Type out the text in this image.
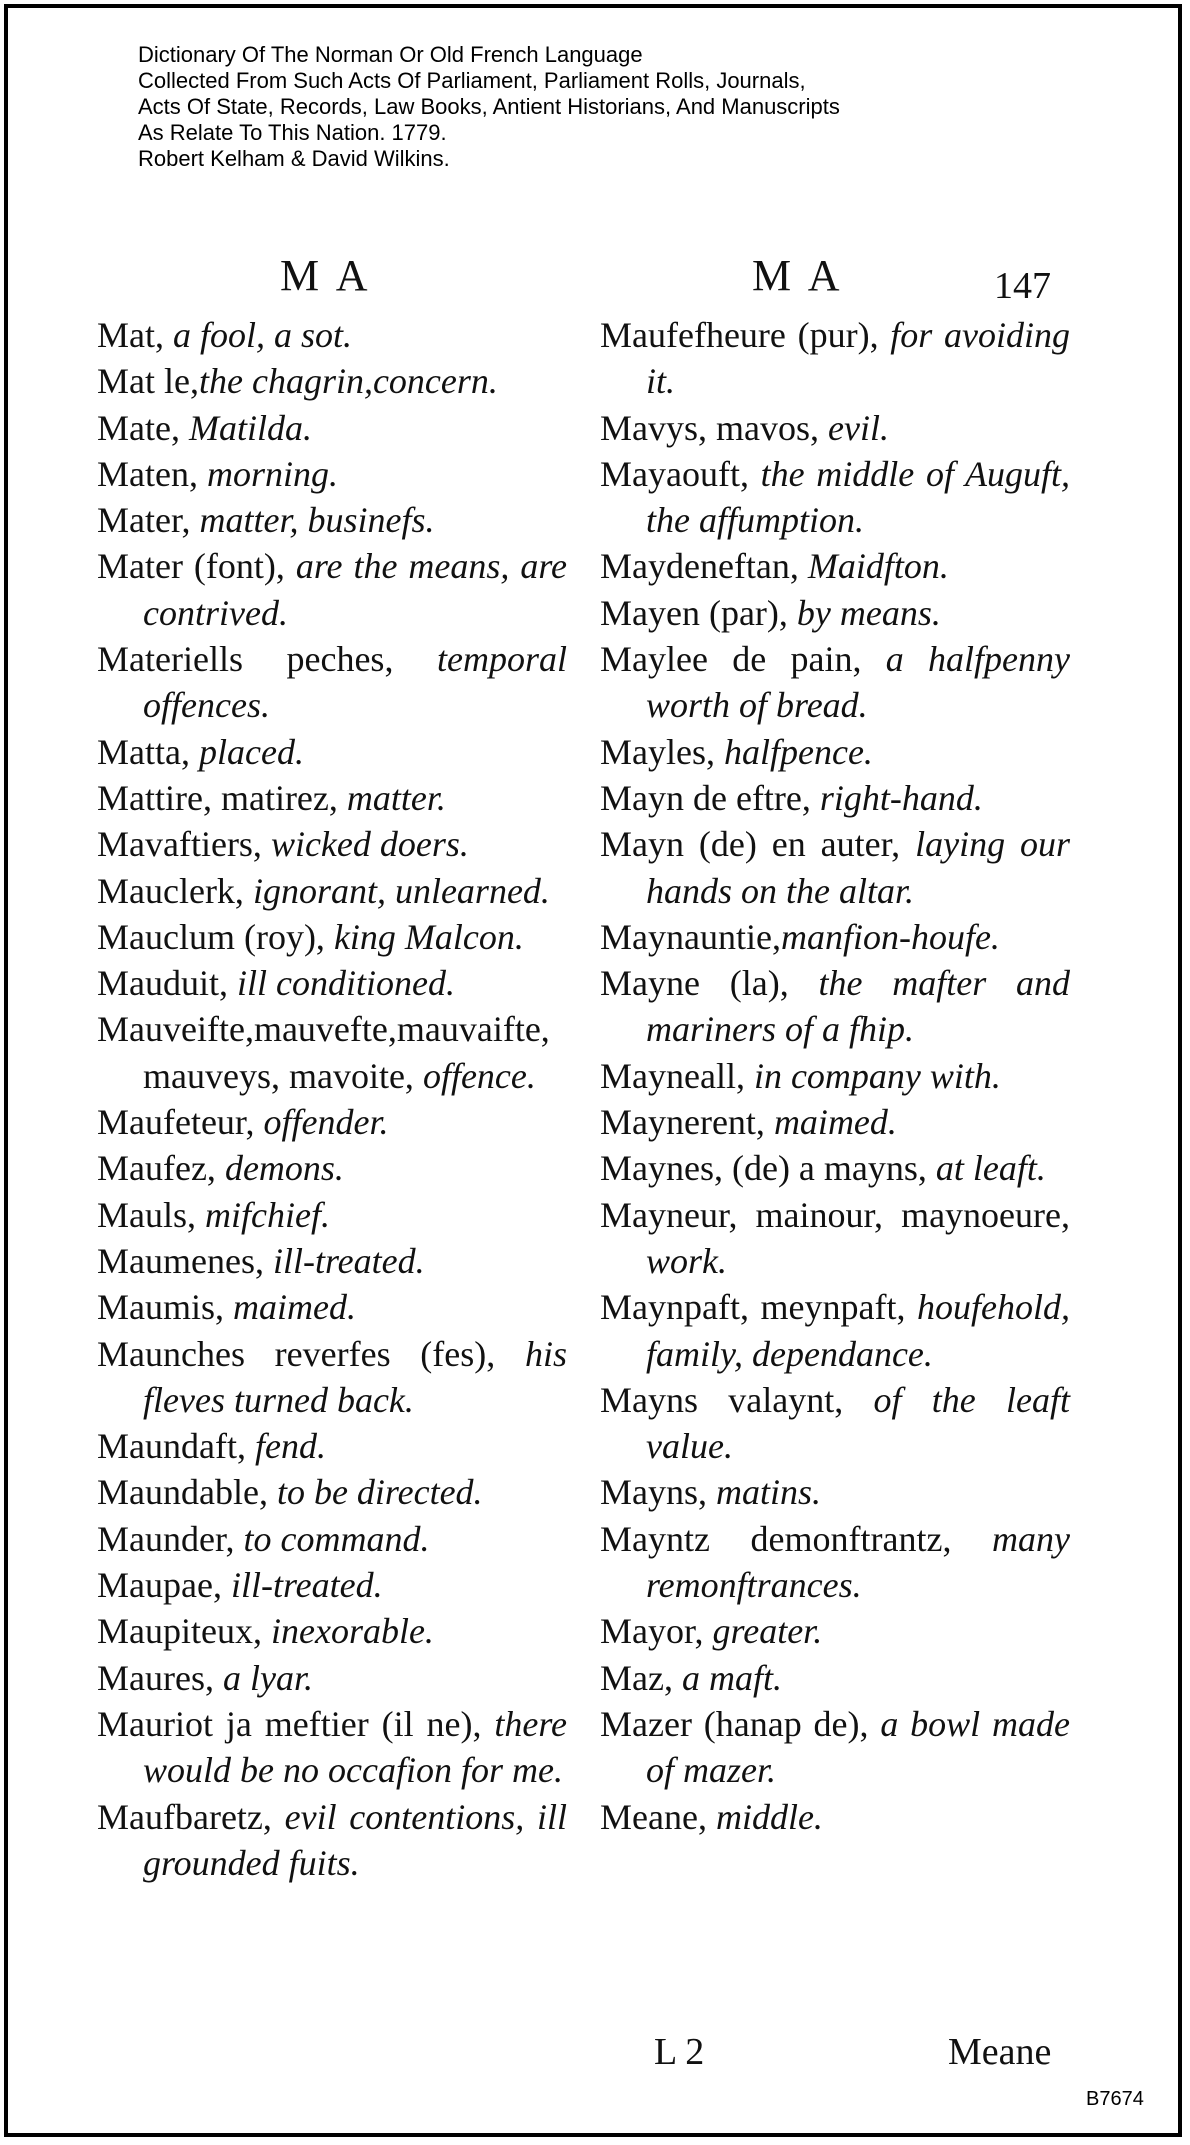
Dictionary Of The Norman Or Old French Language
Collected From Such Acts Of Parliament, Parliament Rolls, Journals,
Acts Of State, Records, Law Books, Antient Historians, And Manuscripts
As Relate To This Nation. 1779.
Robert Kelham & David Wilkins.
M A	M A	147
Mat, a fool, a sot.
Mat le,the chagrin,concern.
Mate, Matilda.
Maten, morning.
Mater, matter, businefs.
Mater (font), are the means, are contrived.
Materiells peches, temporal offences.
Matta, placed.
Mattire, matirez, matter.
Mavaftiers, wicked doers.
Mauclerk, ignorant, unlearned.
Mauclum (roy), king Malcon.
Mauduit, ill conditioned.
Mauveifte,mauvefte,mauvaifte, mauveys, mavoite, offence.
Maufeteur, offender.
Maufez, demons.
Mauls, mifchief.
Maumenes, ill-treated.
Maumis, maimed.
Maunches reverfes (fes), his fleves turned back.
Maundaft, fend.
Maundable, to be directed.
Maunder, to command.
Maupae, ill-treated.
Maupiteux, inexorable.
Maures, a lyar.
Mauriot ja meftier (il ne), there would be no occafion for me.
Maufbaretz, evil contentions, ill grounded fuits.
Maufefheure (pur), for avoiding it.
Mavys, mavos, evil.
Mayaouft, the middle of Auguft, the affumption.
Maydeneftan, Maidfton.
Mayen (par), by means.
Maylee de pain, a halfpenny worth of bread.
Mayles, halfpence.
Mayn de eftre, right-hand.
Mayn (de) en auter, laying our hands on the altar.
Maynauntie,manfion-houfe.
Mayne (la), the mafter and mariners of a fhip.
Mayneall, in company with.
Maynerent, maimed.
Maynes, (de) a mayns, at leaft.
Mayneur, mainour, maynoeure, work.
Maynpaft, meynpaft, houfehold, family, dependance.
Mayns valaynt, of the leaft value.
Mayns, matins.
Mayntz demonftrantz, many remonftrances.
Mayor, greater.
Maz, a maft.
Mazer (hanap de), a bowl made of mazer.
Meane, middle.
L 2	Meane
B7674
